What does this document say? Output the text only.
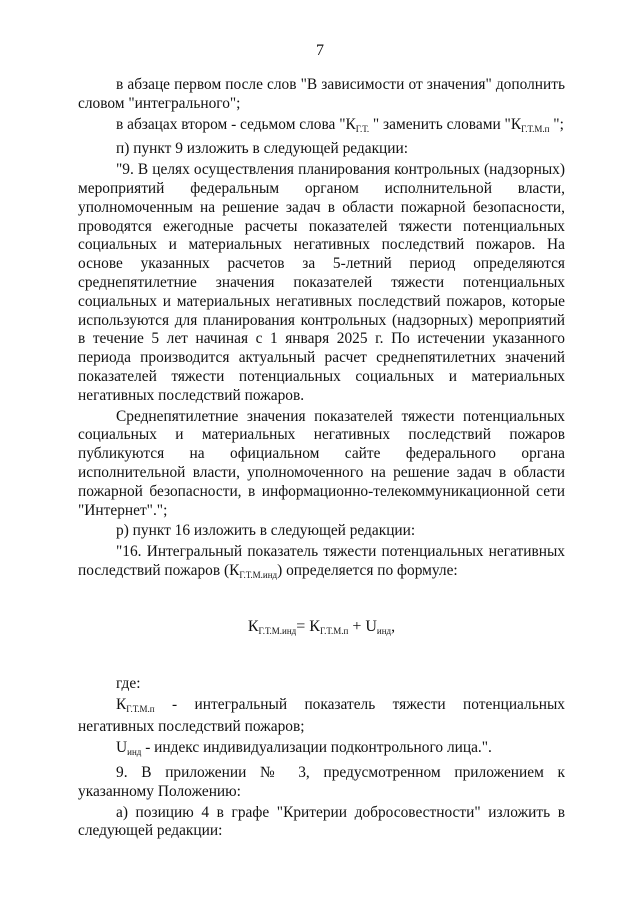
7

в абзаце первом после слов "В зависимости от значения" дополнить словом "интегрального";

в абзацах втором - седьмом слова "$К_{Г.Т.}$ " заменить словами "$К_{Г.Т.М.п}$ ";

п) пункт 9 изложить в следующей редакции:

"9. В целях осуществления планирования контрольных (надзорных) мероприятий федеральным органом исполнительной власти, уполномоченным на решение задач в области пожарной безопасности, проводятся ежегодные расчеты показателей тяжести потенциальных социальных и материальных негативных последствий пожаров. На основе указанных расчетов за 5-летний период определяются среднепятилетние значения показателей тяжести потенциальных социальных и материальных негативных последствий пожаров, которые используются для планирования контрольных (надзорных) мероприятий в течение 5 лет начиная с 1 января 2025 г. По истечении указанного периода производится актуальный расчет среднепятилетних значений показателей тяжести потенциальных социальных и материальных негативных последствий пожаров.

Среднепятилетние значения показателей тяжести потенциальных социальных и материальных негативных последствий пожаров публикуются на официальном сайте федерального органа исполнительной власти, уполномоченного на решение задач в области пожарной безопасности, в информационно-телекоммуникационной сети "Интернет".";

р) пункт 16 изложить в следующей редакции:

"16. Интегральный показатель тяжести потенциальных негативных последствий пожаров $(К_{Г.Т.М.инд})$ определяется по формуле:

$К_{Г.Т.М.инд}= К_{Г.Т.М.п} + U_{инд}$,

где:

$К_{Г.Т.М.п}$ - интегральный показатель тяжести потенциальных негативных последствий пожаров;

$U_{инд}$ - индекс индивидуализации подконтрольного лица.".

9. В приложении № 3, предусмотренном приложением к указанному Положению:

а) позицию 4 в графе "Критерии добросовестности" изложить в следующей редакции:
